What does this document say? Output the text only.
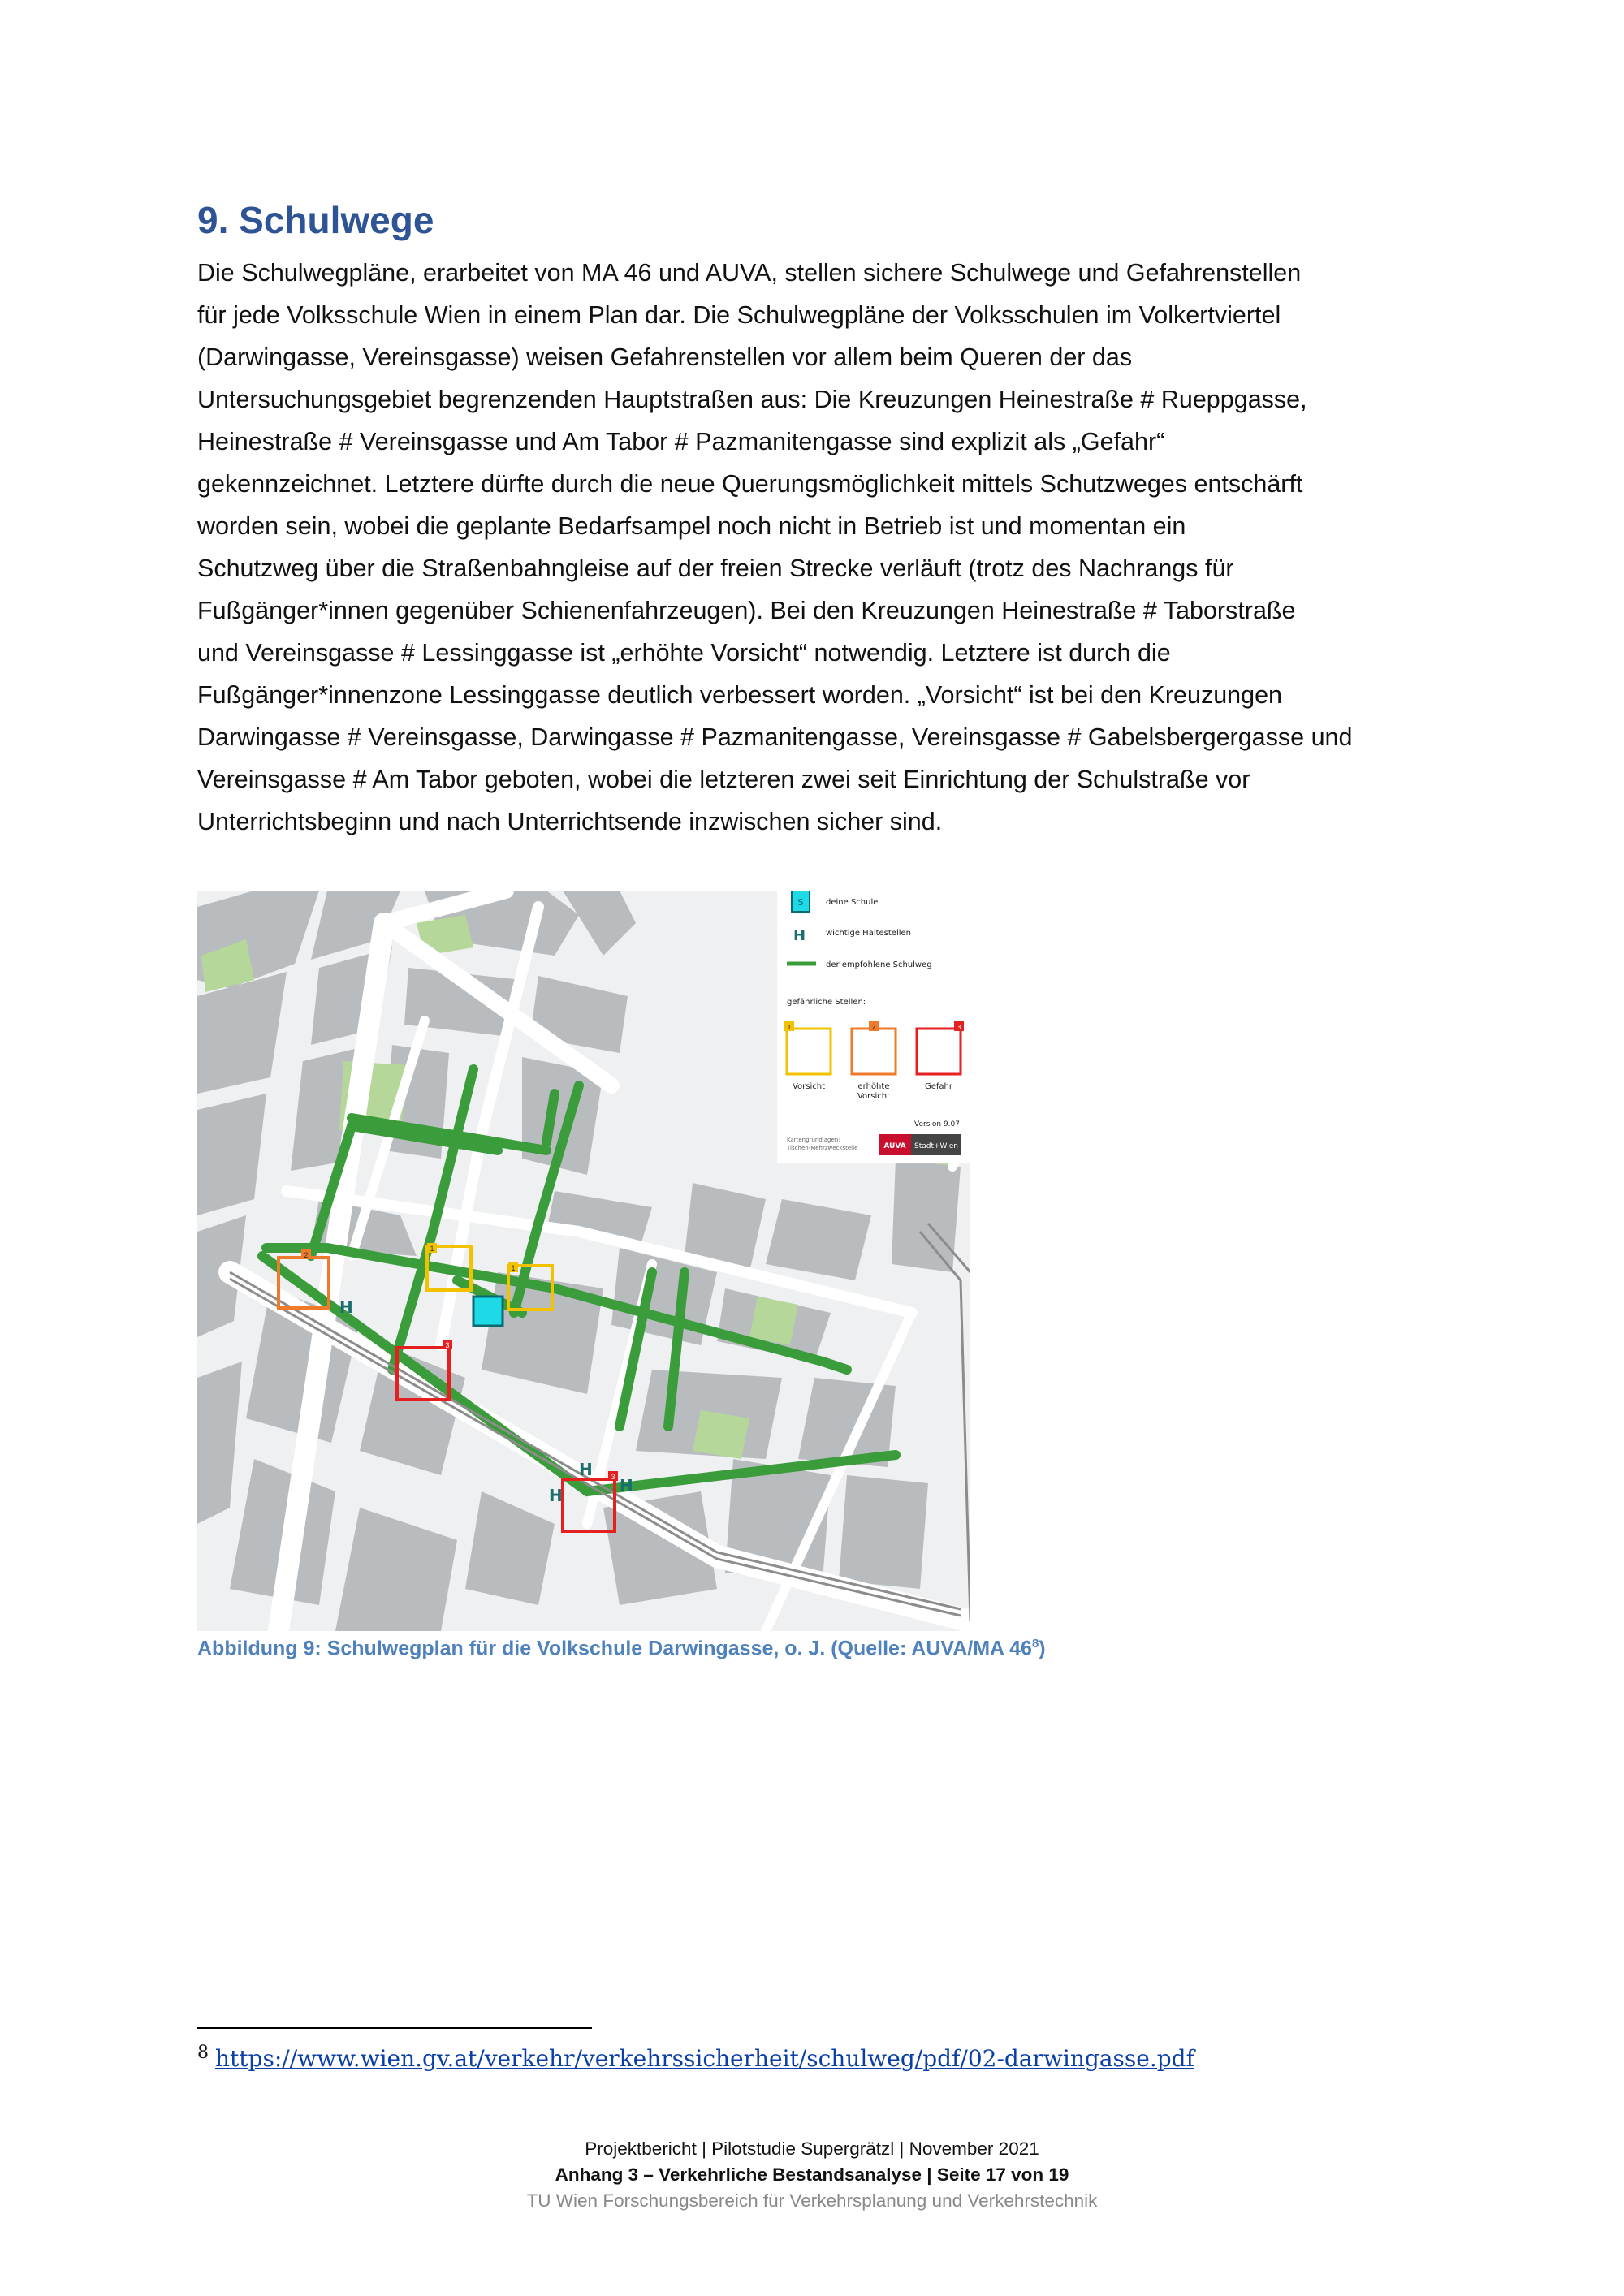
9. Schulwege

Die Schulwegpläne, erarbeitet von MA 46 und AUVA, stellen sichere Schulwege und Gefahrenstellen
für jede Volksschule Wien in einem Plan dar. Die Schulwegpläne der Volksschulen im Volkertviertel
(Darwingasse, Vereinsgasse) weisen Gefahrenstellen vor allem beim Queren der das
Untersuchungsgebiet begrenzenden Hauptstraßen aus: Die Kreuzungen Heinestraße # Rueppgasse,
Heinestraße # Vereinsgasse und Am Tabor # Pazmanitengasse sind explizit als „Gefahr“
gekennzeichnet. Letztere dürfte durch die neue Querungsmöglichkeit mittels Schutzweges entschärft
worden sein, wobei die geplante Bedarfsampel noch nicht in Betrieb ist und momentan ein
Schutzweg über die Straßenbahngleise auf der freien Strecke verläuft (trotz des Nachrangs für
Fußgänger*innen gegenüber Schienenfahrzeugen). Bei den Kreuzungen Heinestraße # Taborstraße
und Vereinsgasse # Lessinggasse ist „erhöhte Vorsicht“ notwendig. Letztere ist durch die
Fußgänger*innenzone Lessinggasse deutlich verbessert worden. „Vorsicht“ ist bei den Kreuzungen
Darwingasse # Vereinsgasse, Darwingasse # Pazmanitengasse, Vereinsgasse # Gabelsbergergasse und
Vereinsgasse # Am Tabor geboten, wobei die letzteren zwei seit Einrichtung der Schulstraße vor
Unterrichtsbeginn und nach Unterrichtsende inzwischen sicher sind.

1
1
2
3
3
H
H	H
H
S	deine Schule
H wichtige Haltestellen
der empfohlene Schulweg
gefährliche Stellen:
1	2	3
Vorsicht	erhöhte
Vorsicht
Gefahr
Version 9.07
Kartengrundlagen:
Tischen-Mehrzweckstelle	AUVA Stadt+Wien

Abbildung 9: Schulwegplan für die Volkschule Darwingasse, o. J. (Quelle: AUVA/MA $46^8$)

$^8$ https://www.wien.gv.at/verkehr/verkehrssicherheit/schulweg/pdf/02-darwingasse.pdf

Projektbericht | Pilotstudie Supergrätzl | November 2021

Anhang 3 – Verkehrliche Bestandsanalyse | Seite 17 von 19

TU Wien Forschungsbereich für Verkehrsplanung und Verkehrstechnik
